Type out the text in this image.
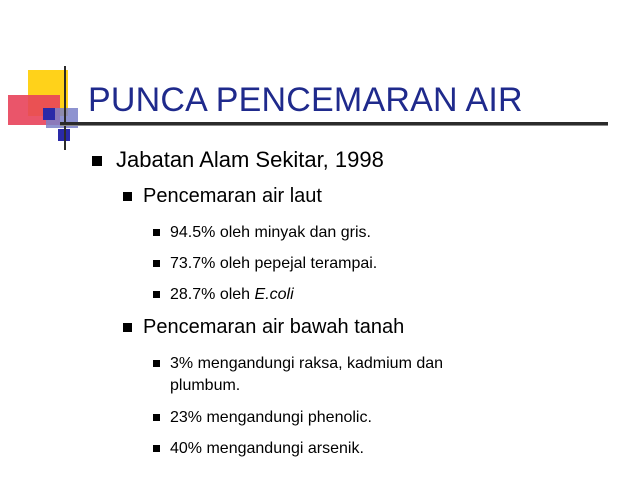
PUNCA PENCEMARAN AIR
Jabatan Alam Sekitar, 1998
Pencemaran air laut
94.5% oleh minyak dan gris.
73.7% oleh pepejal terampai.
28.7% oleh E.coli
Pencemaran air bawah tanah
3% mengandungi raksa, kadmium dan
plumbum.
23% mengandungi phenolic.
40% mengandungi arsenik.
